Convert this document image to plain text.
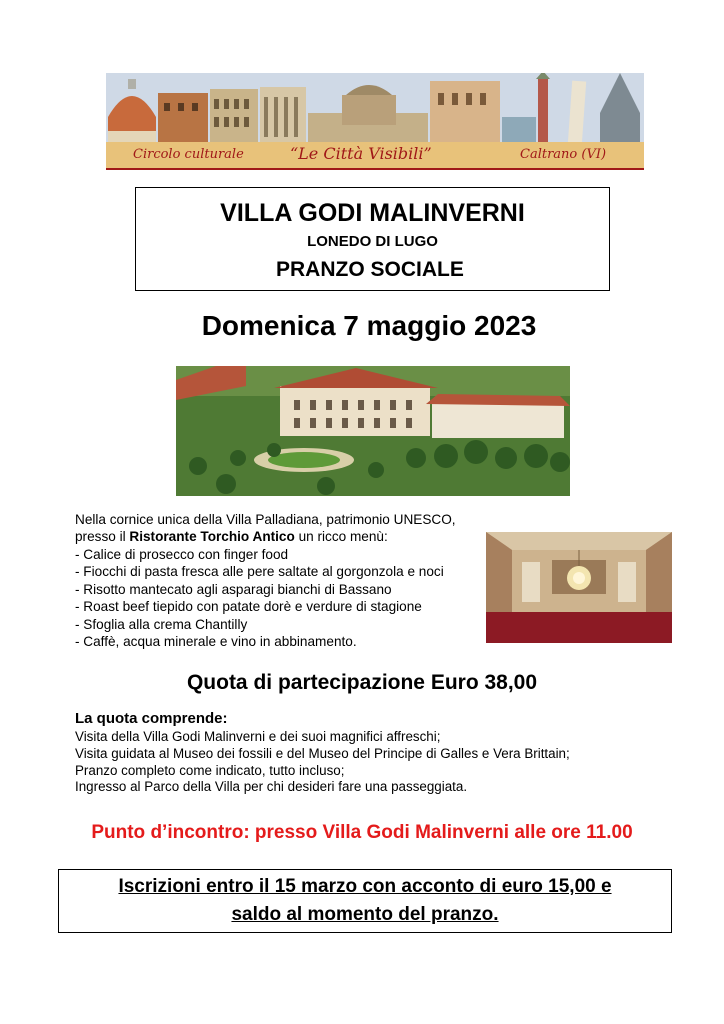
Circolo culturale	“Le Città Visibili”	Caltrano (VI)
VILLA GODI MALINVERNI
LONEDO DI LUGO
PRANZO SOCIALE
Domenica 7 maggio 2023
Nella cornice unica della Villa Palladiana, patrimonio UNESCO,
presso il Ristorante Torchio Antico un ricco menù:
- Calice di prosecco con finger food
- Fiocchi di pasta fresca alle pere saltate al gorgonzola e noci
- Risotto mantecato agli asparagi bianchi di Bassano
- Roast beef tiepido con patate dorè e verdure di stagione
- Sfoglia alla crema Chantilly
- Caffè, acqua minerale e vino in abbinamento.
Quota di partecipazione Euro 38,00
La quota comprende:
Visita della Villa Godi Malinverni e dei suoi magnifici affreschi;
Visita guidata al Museo dei fossili e del Museo del Principe di Galles e Vera Brittain;
Pranzo completo come indicato, tutto incluso;
Ingresso al Parco della Villa per chi desideri fare una passeggiata.
Punto d’incontro: presso Villa Godi Malinverni alle ore 11.00
Iscrizioni entro il 15 marzo con acconto di euro 15,00 e
saldo al momento del pranzo.
